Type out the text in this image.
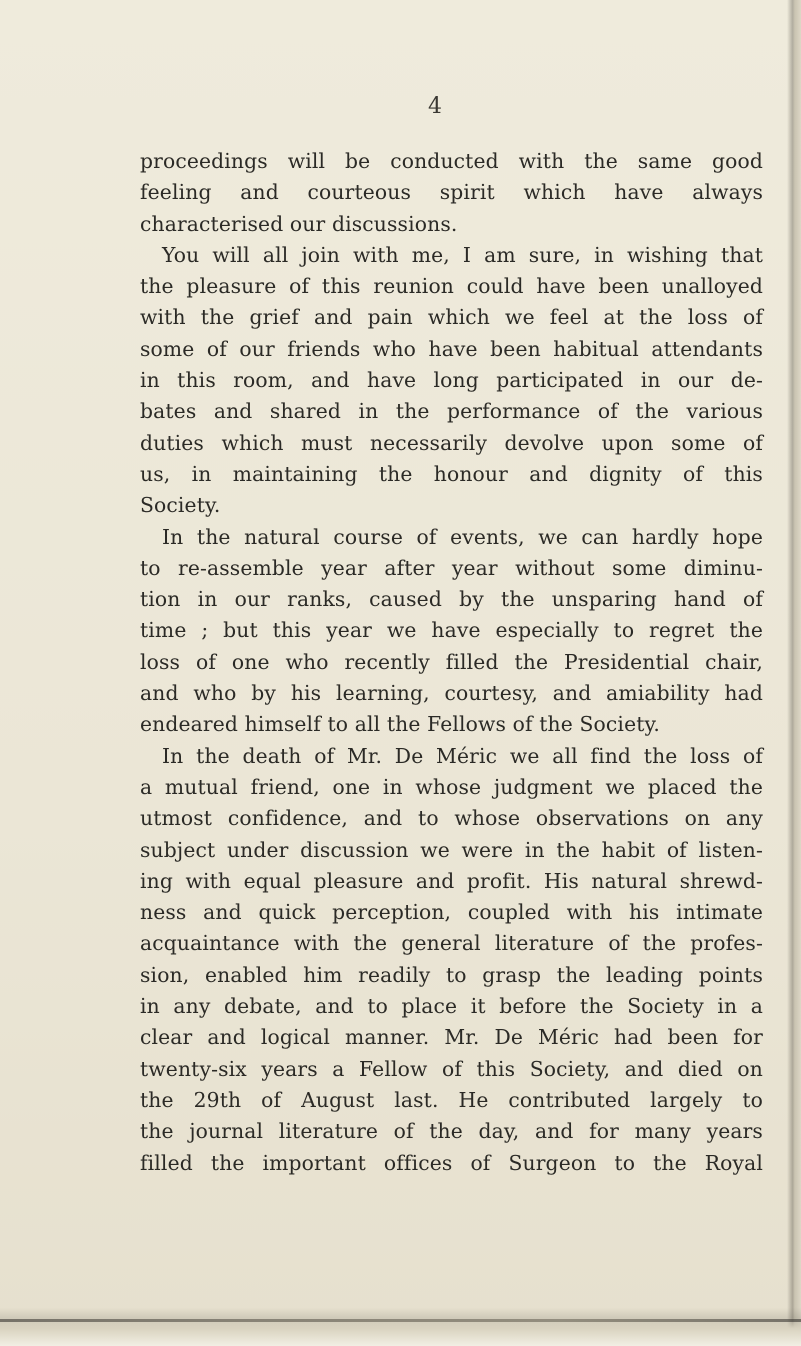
4
proceedings will be conducted with the same good
feeling and courteous spirit which have always
characterised our discussions.
You will all join with me, I am sure, in wishing that
the pleasure of this reunion could have been unalloyed
with the grief and pain which we feel at the loss of
some of our friends who have been habitual attendants
in this room, and have long participated in our de-
bates and shared in the performance of the various
duties which must necessarily devolve upon some of
us, in maintaining the honour and dignity of this
Society.
In the natural course of events, we can hardly hope
to re-assemble year after year without some diminu-
tion in our ranks, caused by the unsparing hand of
time ; but this year we have especially to regret the
loss of one who recently filled the Presidential chair,
and who by his learning, courtesy, and amiability had
endeared himself to all the Fellows of the Society.
In the death of Mr. De Méric we all find the loss of
a mutual friend, one in whose judgment we placed the
utmost confidence, and to whose observations on any
subject under discussion we were in the habit of listen-
ing with equal pleasure and profit. His natural shrewd-
ness and quick perception, coupled with his intimate
acquaintance with the general literature of the profes-
sion, enabled him readily to grasp the leading points
in any debate, and to place it before the Society in a
clear and logical manner. Mr. De Méric had been for
twenty-six years a Fellow of this Society, and died on
the 29th of August last. He contributed largely to
the journal literature of the day, and for many years
filled the important offices of Surgeon to the Royal
